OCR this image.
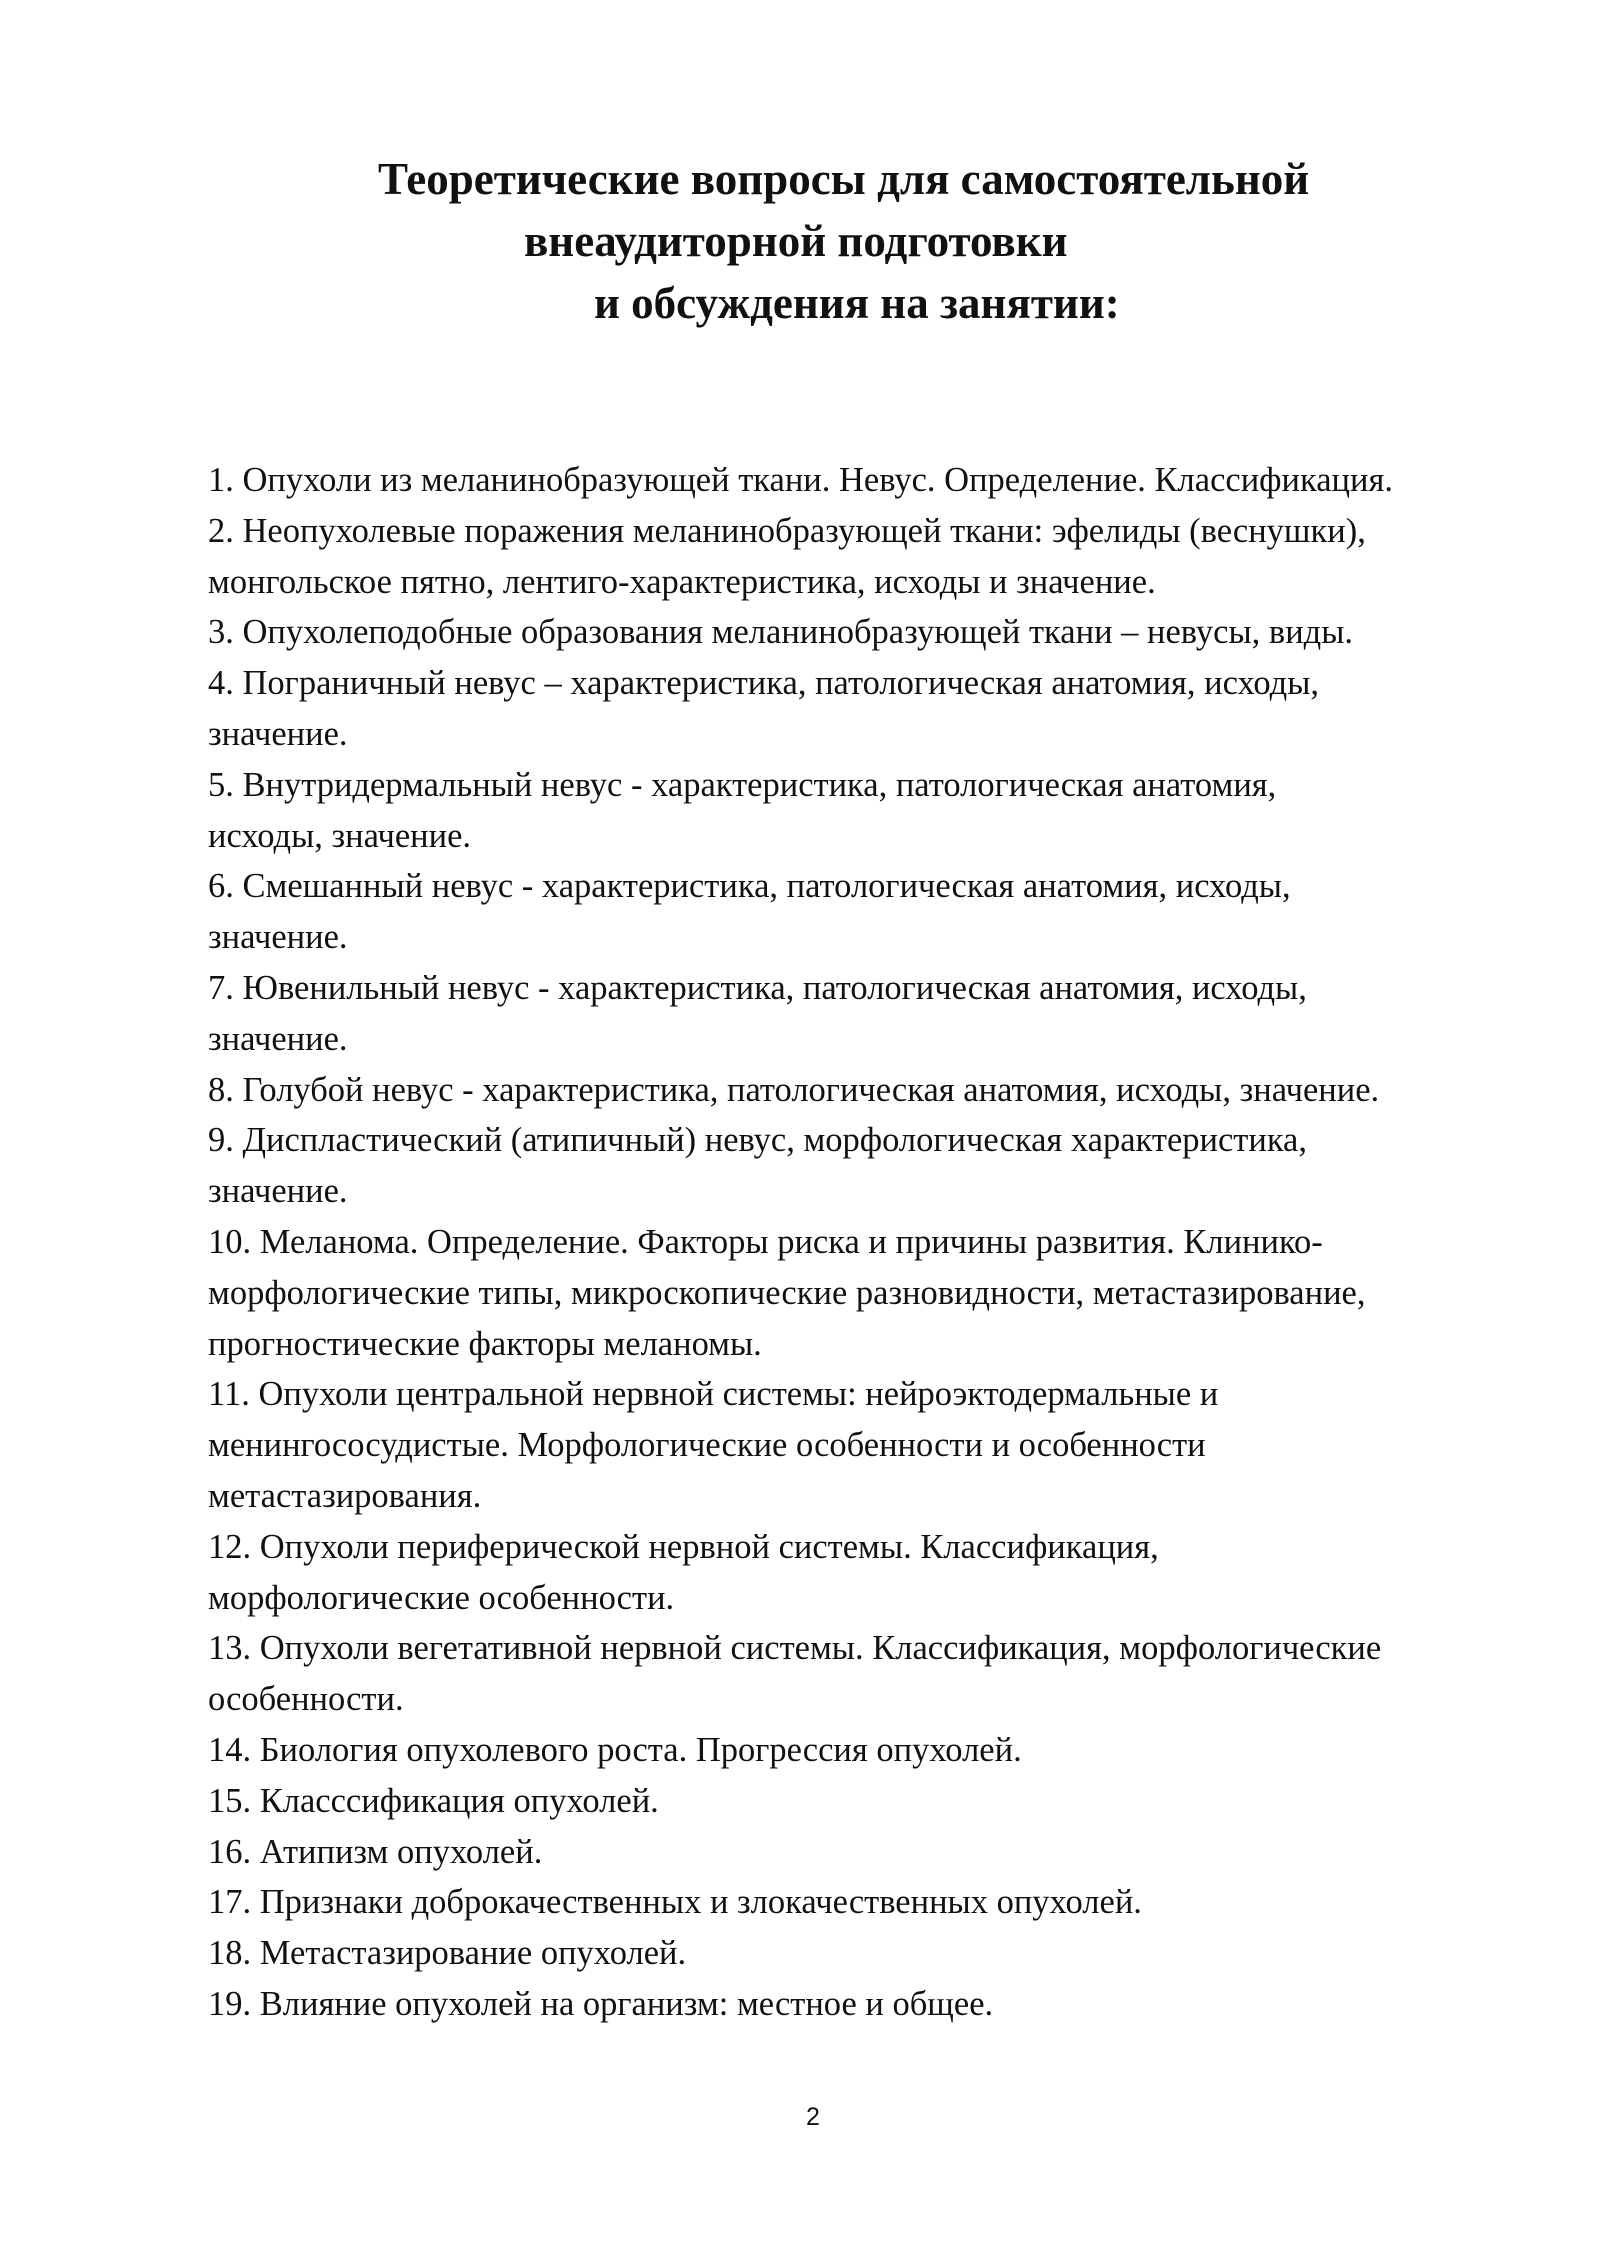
Теоретические вопросы для самостоятельной
внеаудиторной подготовки
и обсуждения на занятии:
1. Опухоли из меланинобразующей ткани. Невус. Определение. Классификация.
2. Неопухолевые поражения меланинобразующей ткани: эфелиды (веснушки),
монгольское пятно, лентиго-характеристика, исходы и значение.
3. Опухолеподобные образования меланинобразующей ткани – невусы, виды.
4. Пограничный невус – характеристика, патологическая анатомия, исходы,
значение.
5. Внутридермальный невус - характеристика, патологическая анатомия,
исходы, значение.
6. Смешанный невус - характеристика, патологическая анатомия, исходы,
значение.
7. Ювенильный невус - характеристика, патологическая анатомия, исходы,
значение.
8. Голубой невус - характеристика, патологическая анатомия, исходы, значение.
9. Диспластический (атипичный) невус, морфологическая характеристика,
значение.
10. Меланома. Определение. Факторы риска и причины развития. Клинико-
морфологические типы, микроскопические разновидности, метастазирование,
прогностические факторы меланомы.
11. Опухоли центральной нервной системы: нейроэктодермальные и
менингососудистые. Морфологические особенности и особенности
метастазирования.
12. Опухоли периферической нервной системы. Классификация,
морфологические особенности.
13. Опухоли вегетативной нервной системы. Классификация, морфологические
особенности.
14. Биология опухолевого роста. Прогрессия опухолей.
15. Класссификация опухолей.
16. Атипизм опухолей.
17. Признаки доброкачественных и злокачественных опухолей.
18. Метастазирование опухолей.
19. Влияние опухолей на организм: местное и общее.
2
